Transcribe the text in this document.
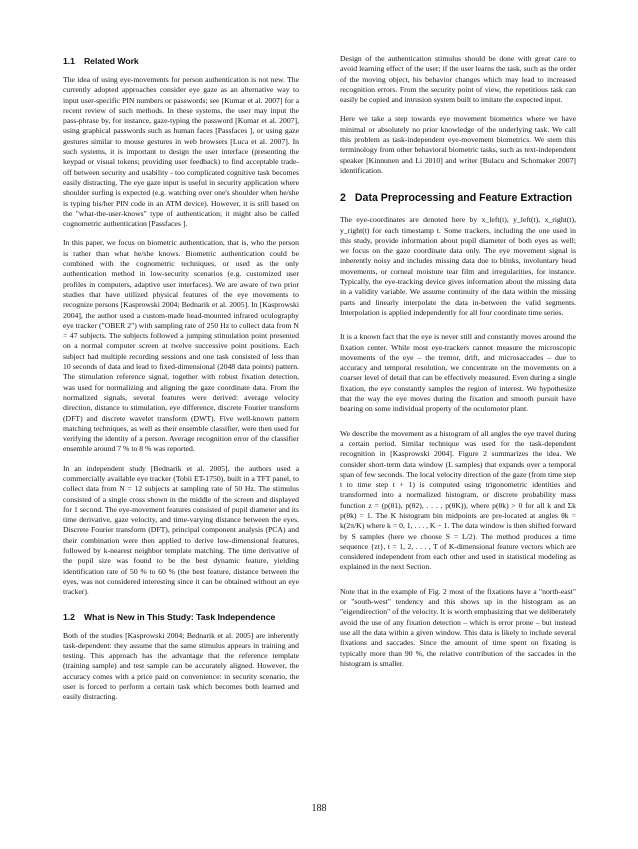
1.1 Related Work

The idea of using eye-movements for person authentication is not new. The currently adopted approaches consider eye gaze as an alternative way to input user-specific PIN numbers or passwords; see [Kumar et al. 2007] for a recent review of such methods. In these systems, the user may input the pass-phrase by, for instance, gaze-typing the password [Kumar et al. 2007], using graphical passwords such as human faces [Passfaces ], or using gaze gestures similar to mouse gestures in web browsers [Luca et al. 2007]. In such systems, it is important to design the user interface (presenting the keypad or visual tokens; providing user feedback) to find acceptable trade-off between security and usability - too complicated cognitive task becomes easily distracting. The eye gaze input is useful in security application where shoulder surfing is expected (e.g. watching over one's shoulder when he/she is typing his/her PIN code in an ATM device). However, it is still based on the "what-the-user-knows" type of authentication; it might also be called cognometric authentication [Passfaces ].

In this paper, we focus on biometric authentication, that is, who the person is rather than what he/she knows. Biometric authentication could be combined with the cognometric techniques, or used as the only authentication method in low-security scenarios (e.g. customized user profiles in computers, adaptive user interfaces). We are aware of two prior studies that have utilized physical features of the eye movements to recognize persons [Kasprowski 2004; Bednarik et al. 2005]. In [Kasprowski 2004], the author used a custom-made head-mounted infrared oculography eye tracker ("OBER 2") with sampling rate of 250 Hz to collect data from N = 47 subjects. The subjects followed a jumping stimulation point presented on a normal computer screen at twelve successive point positions. Each subject had multiple recording sessions and one task consisted of less than 10 seconds of data and lead to fixed-dimensional (2048 data points) pattern. The stimulation reference signal, together with robust fixation detection, was used for normalizing and aligning the gaze coordinate data. From the normalized signals, several features were derived: average velocity direction, distance to stimulation, eye difference, discrete Fourier transform (DFT) and discrete wavelet transform (DWT). Five well-known pattern matching techniques, as well as their ensemble classifier, were then used for verifying the identity of a person. Average recognition error of the classifier ensemble around 7 % to 8 % was reported.

In an independent study [Bednarik et al. 2005], the authors used a commercially available eye tracker (Tobii ET-1750), built in a TFT panel, to collect data from N = 12 subjects at sampling rate of 50 Hz. The stimulus consisted of a single cross shown in the middle of the screen and displayed for 1 second. The eye-movement features consisted of pupil diameter and its time derivative, gaze velocity, and time-varying distance between the eyes. Discrete Fourier transform (DFT), principal component analysis (PCA) and their combination were then applied to derive low-dimensional features, followed by k-nearest neighbor template matching. The time derivative of the pupil size was found to be the best dynamic feature, yielding identification rate of 50 % to 60 % (the best feature, distance between the eyes, was not considered interesting since it can be obtained without an eye tracker).

1.2 What is New in This Study: Task Independence

Both of the studies [Kasprowski 2004; Bednarik et al. 2005] are inherently task-dependent: they assume that the same stimulus appears in training and testing. This approach has the advantage that the reference template (training sample) and test sample can be accurately aligned. However, the accuracy comes with a price paid on convenience: in security scenario, the user is forced to perform a certain task which becomes both learned and easily distracting.

Design of the authentication stimulus should be done with great care to avoid learning effect of the user; if the user learns the task, such as the order of the moving object, his behavior changes which may lead to increased recognition errors. From the security point of view, the repetitious task can easily be copied and intrusion system built to imitate the expected input.

Here we take a step towards eye movement biometrics where we have minimal or absolutely no prior knowledge of the underlying task. We call this problem as task-independent eye-movement biometrics. We stem this terminology from other behavioral biometric tasks, such as text-independent speaker [Kinnunen and Li 2010] and writer [Bulacu and Schomaker 2007] identification.

2 Data Preprocessing and Feature Extraction

The eye-coordinates are denoted here by x_left(t), y_left(t), x_right(t), y_right(t) for each timestamp t. Some trackers, including the one used in this study, provide information about pupil diameter of both eyes as well; we focus on the gaze coordinate data only. The eye movement signal is inherently noisy and includes missing data due to blinks, involuntary head movements, or corneal moisture tear film and irregularities, for instance. Typically, the eye-tracking device gives information about the missing data in a validity variable. We assume continuity of the data within the missing parts and linearly interpolate the data in-between the valid segments. Interpolation is applied independently for all four coordinate time series.

It is a known fact that the eye is never still and constantly moves around the fixation center. While most eye-trackers cannot measure the microscopic movements of the eye – the tremor, drift, and microsaccades – due to accuracy and temporal resolution, we concentrate on the movements on a coarser level of detail that can be effectively measured. Even during a single fixation, the eye constantly samples the region of interest. We hypothesize that the way the eye moves during the fixation and smooth pursuit have bearing on some individual property of the oculomotor plant.

We describe the movement as a histogram of all angles the eye travel during a certain period. Similar technique was used for the task-dependent recognition in [Kasprowski 2004]. Figure 2 summarizes the idea. We consider short-term data window (L samples) that expands over a temporal span of few seconds. The local velocity direction of the gaze (from time step t to time step t + 1) is computed using trigonometric identities and transformed into a normalized histogram, or discrete probability mass function z = (p(θ1), p(θ2), . . . , p(θK)), where p(θk) > 0 for all k and Σk p(θk) = 1. The K histogram bin midpoints are pre-located at angles θk = k(2π/K) where k = 0, 1, . . . , K − 1. The data window is then shifted forward by S samples (here we choose S = L/2). The method produces a time sequence {zt}, t = 1, 2, . . . , T of K-dimensional feature vectors which are considered independent from each other and used in statistical modeling as explained in the next Section.

Note that in the example of Fig. 2 most of the fixations have a "north-east" or "south-west" tendency and this shows up in the histogram as an "eigendirection" of the velocity. It is worth emphasizing that we deliberately avoid the use of any fixation detection – which is error prone – but instead use all the data within a given window. This data is likely to include several fixations and saccades. Since the amount of time spent on fixating is typically more than 90 %, the relative contribution of the saccades in the histogram is smaller.

188
